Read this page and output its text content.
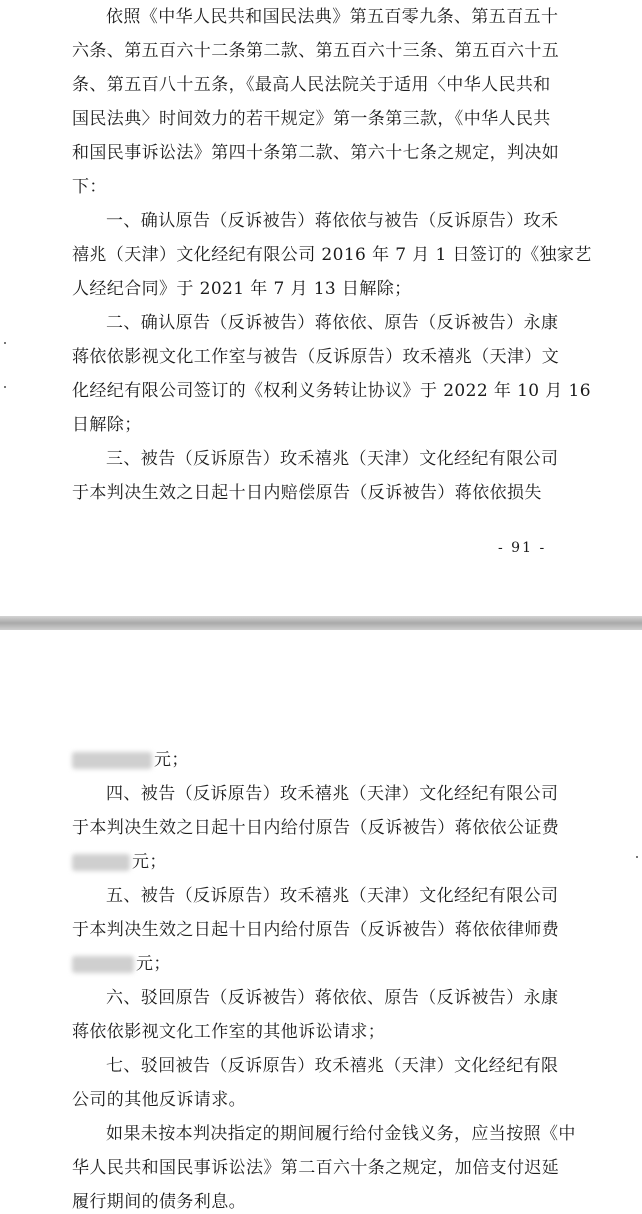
依照《中华人民共和国民法典》第五百零九条、第五百五十
六条、第五百六十二条第二款、第五百六十三条、第五百六十五
条、第五百八十五条，《最高人民法院关于适用〈中华人民共和
国民法典〉时间效力的若干规定》第一条第三款，《中华人民共
和国民事诉讼法》第四十条第二款、第六十七条之规定，判决如
下：
一、确认原告（反诉被告）蒋依依与被告（反诉原告）玫禾
禧兆（天津）文化经纪有限公司 2016 年 7 月 1 日签订的《独家艺
人经纪合同》于 2021 年 7 月 13 日解除；
二、确认原告（反诉被告）蒋依依、原告（反诉被告）永康
蒋依依影视文化工作室与被告（反诉原告）玫禾禧兆（天津）文
化经纪有限公司签订的《权利义务转让协议》于 2022 年 10 月 16
日解除；
三、被告（反诉原告）玫禾禧兆（天津）文化经纪有限公司
于本判决生效之日起十日内赔偿原告（反诉被告）蒋依依损失
- 91 -
元；
四、被告（反诉原告）玫禾禧兆（天津）文化经纪有限公司
于本判决生效之日起十日内给付原告（反诉被告）蒋依依公证费
元；
五、被告（反诉原告）玫禾禧兆（天津）文化经纪有限公司
于本判决生效之日起十日内给付原告（反诉被告）蒋依依律师费
元；
六、驳回原告（反诉被告）蒋依依、原告（反诉被告）永康
蒋依依影视文化工作室的其他诉讼请求；
七、驳回被告（反诉原告）玫禾禧兆（天津）文化经纪有限
公司的其他反诉请求。
如果未按本判决指定的期间履行给付金钱义务，应当按照《中
华人民共和国民事诉讼法》第二百六十条之规定，加倍支付迟延
履行期间的债务利息。
